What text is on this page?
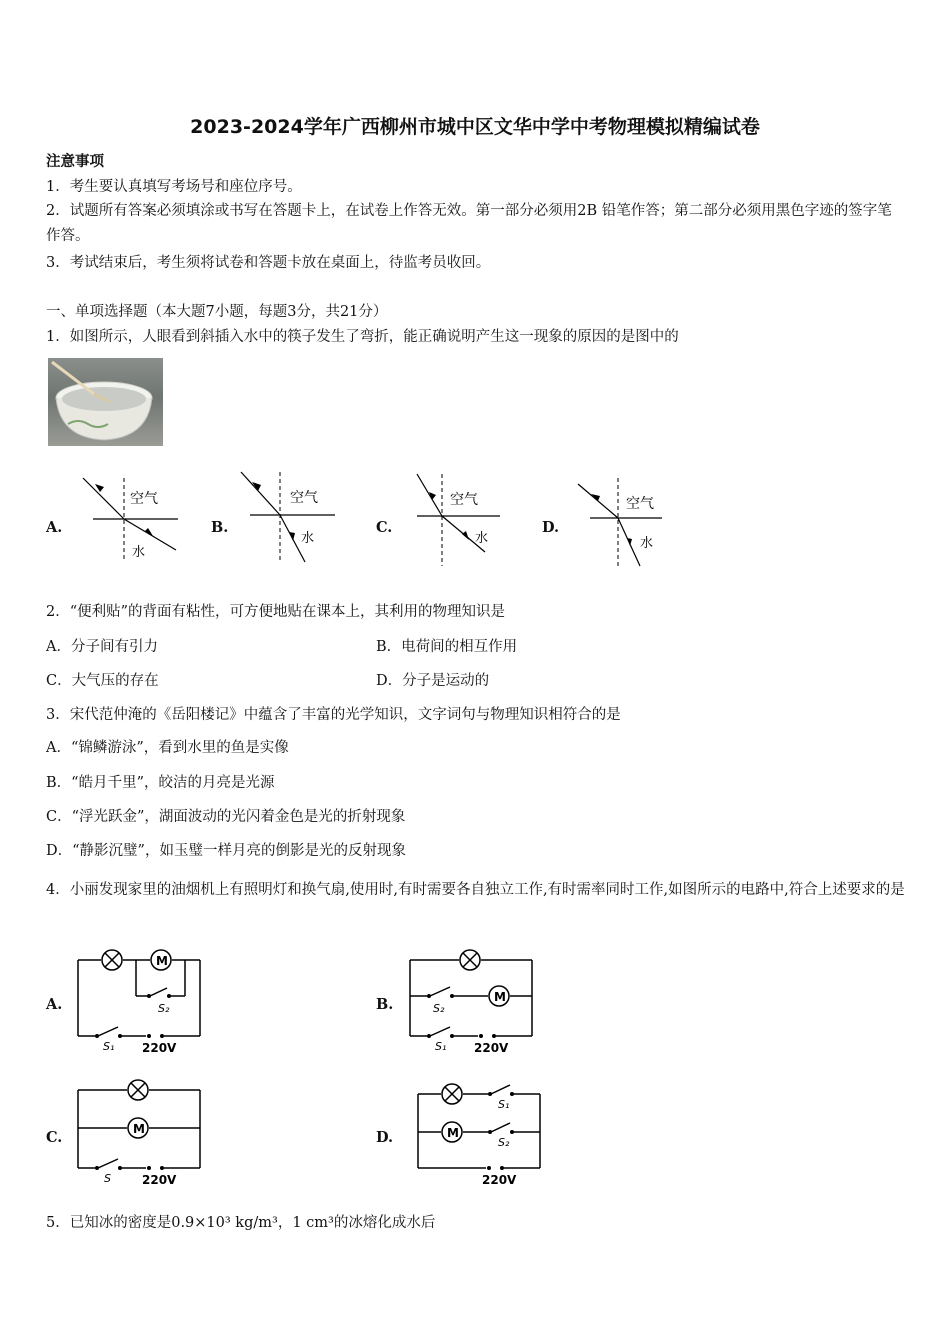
2023-2024学年广西柳州市城中区文华中学中考物理模拟精编试卷
注意事项
1．考生要认真填写考场号和座位序号。
2．试题所有答案必须填涂或书写在答题卡上，在试卷上作答无效。第一部分必须用2B 铅笔作答；第二部分必须用黑色字迹的签字笔作答。
3．考试结束后，考生须将试卷和答题卡放在桌面上，待监考员收回。
一、单项选择题（本大题7小题，每题3分，共21分）
1．如图所示，人眼看到斜插入水中的筷子发生了弯折，能正确说明产生这一现象的原因的是图中的
A.
空气
水
B.
空气
水
C.
空气
水
D.
空气
水
2．“便利贴”的背面有粘性，可方便地贴在课本上，其利用的物理知识是
A．分子间有引力	B．电荷间的相互作用
C．大气压的存在	D．分子是运动的
3．宋代范仲淹的《岳阳楼记》中蕴含了丰富的光学知识，文字词句与物理知识相符合的是
A．“锦鳞游泳”，看到水里的鱼是实像
B．“皓月千里”，皎洁的月亮是光源
C．“浮光跃金”，湖面波动的光闪着金色是光的折射现象
D．“静影沉璧”，如玉璧一样月亮的倒影是光的反射现象
4．小丽发现家里的油烟机上有照明灯和换气扇,使用时,有时需要各自独立工作,有时需率同时工作,如图所示的电路中,符合上述要求的是
A.
M
S₂
S₁ 220V
B.	M
S₂
S₁ 220V
C.	M
S	220V
D.	M
S₁
S₂
220V
5．已知冰的密度是0.9×10³ kg/m³，1 cm³的冰熔化成水后
